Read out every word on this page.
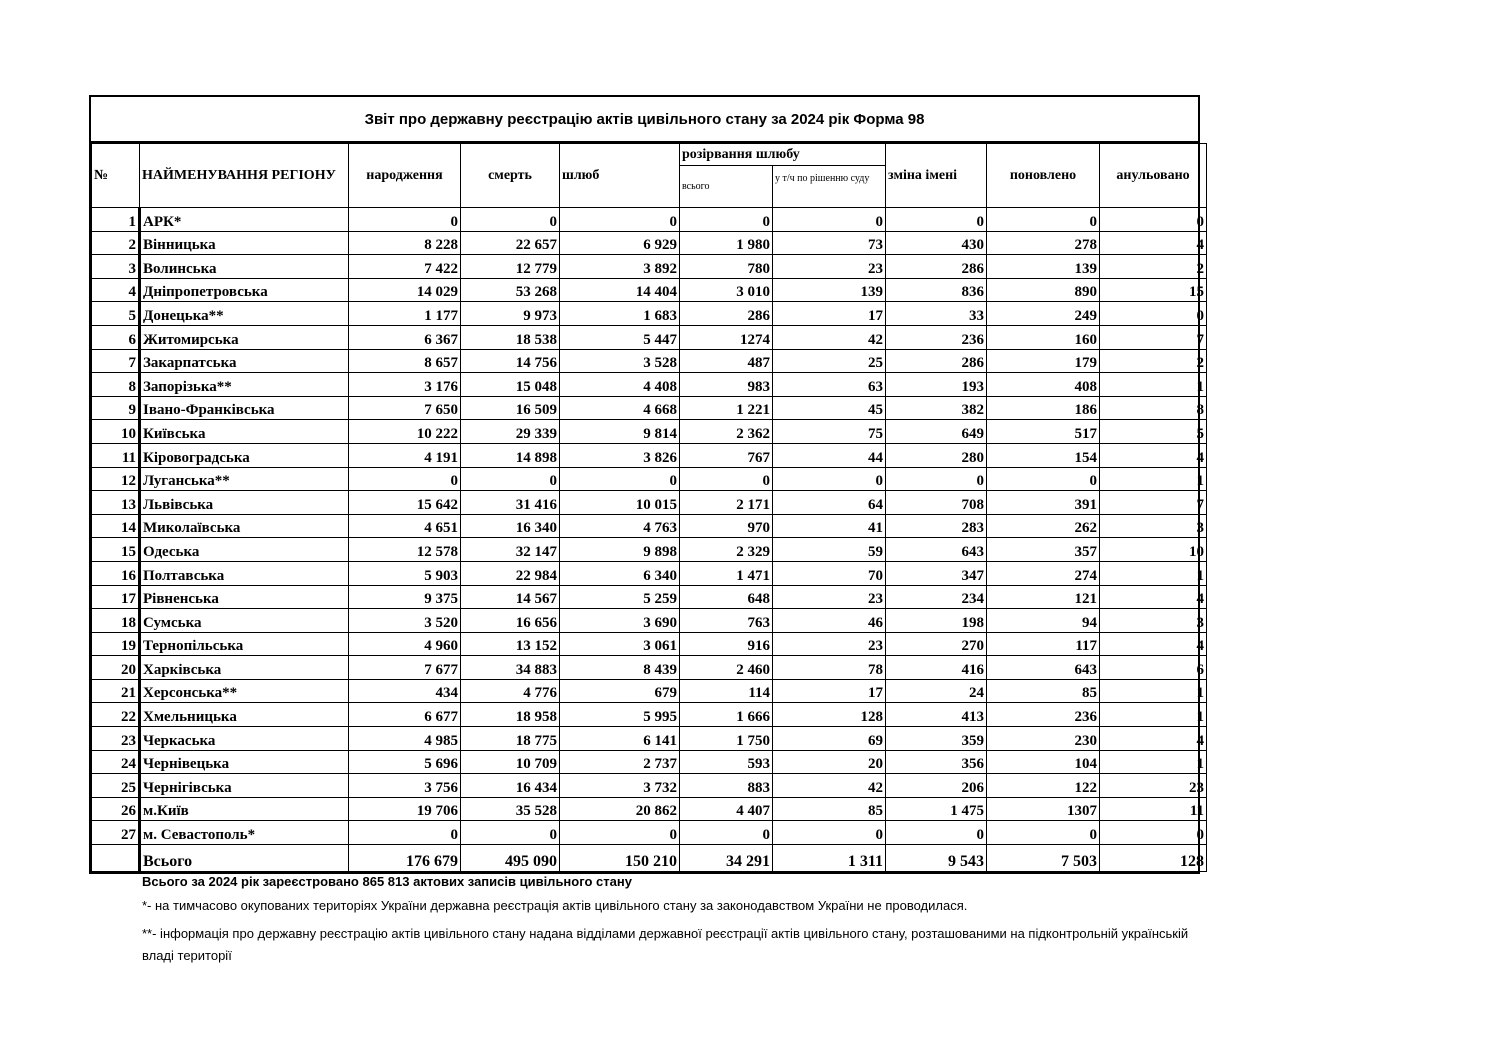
Звіт про державну реєстрацію актів цивільного стану за 2024 рік Форма 98
№	НАЙМЕНУВАННЯ РЕГІОНУ	народження	смерть	шлюб	розірвання шлюбу		зміна імені	поновлено	анульовано
					всього	у т/ч по рішенню суду			
1	АРК*	0	0	0	0	0	0	0	0
2	Вінницька	8 228	22 657	6 929	1 980	73	430	278	4
3	Волинська	7 422	12 779	3 892	780	23	286	139	2
4	Дніпропетровська	14 029	53 268	14 404	3 010	139	836	890	15
5	Донецька**	1 177	9 973	1 683	286	17	33	249	0
6	Житомирська	6 367	18 538	5 447	1274	42	236	160	7
7	Закарпатська	8 657	14 756	3 528	487	25	286	179	2
8	Запорізька**	3 176	15 048	4 408	983	63	193	408	1
9	Івано-Франківська	7 650	16 509	4 668	1 221	45	382	186	8
10	Київська	10 222	29 339	9 814	2 362	75	649	517	5
11	Кіровоградська	4 191	14 898	3 826	767	44	280	154	4
12	Луганська**	0	0	0	0	0	0	0	1
13	Львівська	15 642	31 416	10 015	2 171	64	708	391	7
14	Миколаївська	4 651	16 340	4 763	970	41	283	262	3
15	Одеська	12 578	32 147	9 898	2 329	59	643	357	10
16	Полтавська	5 903	22 984	6 340	1 471	70	347	274	1
17	Рівненська	9 375	14 567	5 259	648	23	234	121	4
18	Сумська	3 520	16 656	3 690	763	46	198	94	3
19	Тернопільська	4 960	13 152	3 061	916	23	270	117	4
20	Харківська	7 677	34 883	8 439	2 460	78	416	643	6
21	Херсонська**	434	4 776	679	114	17	24	85	1
22	Хмельницька	6 677	18 958	5 995	1 666	128	413	236	1
23	Черкаська	4 985	18 775	6 141	1 750	69	359	230	4
24	Чернівецька	5 696	10 709	2 737	593	20	356	104	1
25	Чернігівська	3 756	16 434	3 732	883	42	206	122	23
26	м.Київ	19 706	35 528	20 862	4 407	85	1 475	1307	11
27	м. Севастополь*	0	0	0	0	0	0	0	0
	Всього	176 679	495 090	150 210	34 291	1 311	9 543	7 503	128
Всього за 2024 рік зареєстровано 865 813 актових записів цивільного стану
*- на тимчасово окупованих територіях України державна реєстрація актів цивільного стану за законодавством України не проводилася.
**- інформація про державну реєстрацію актів цивільного стану надана відділами державної реєстрації актів цивільного стану, розташованими на підконтрольній українській владі території
